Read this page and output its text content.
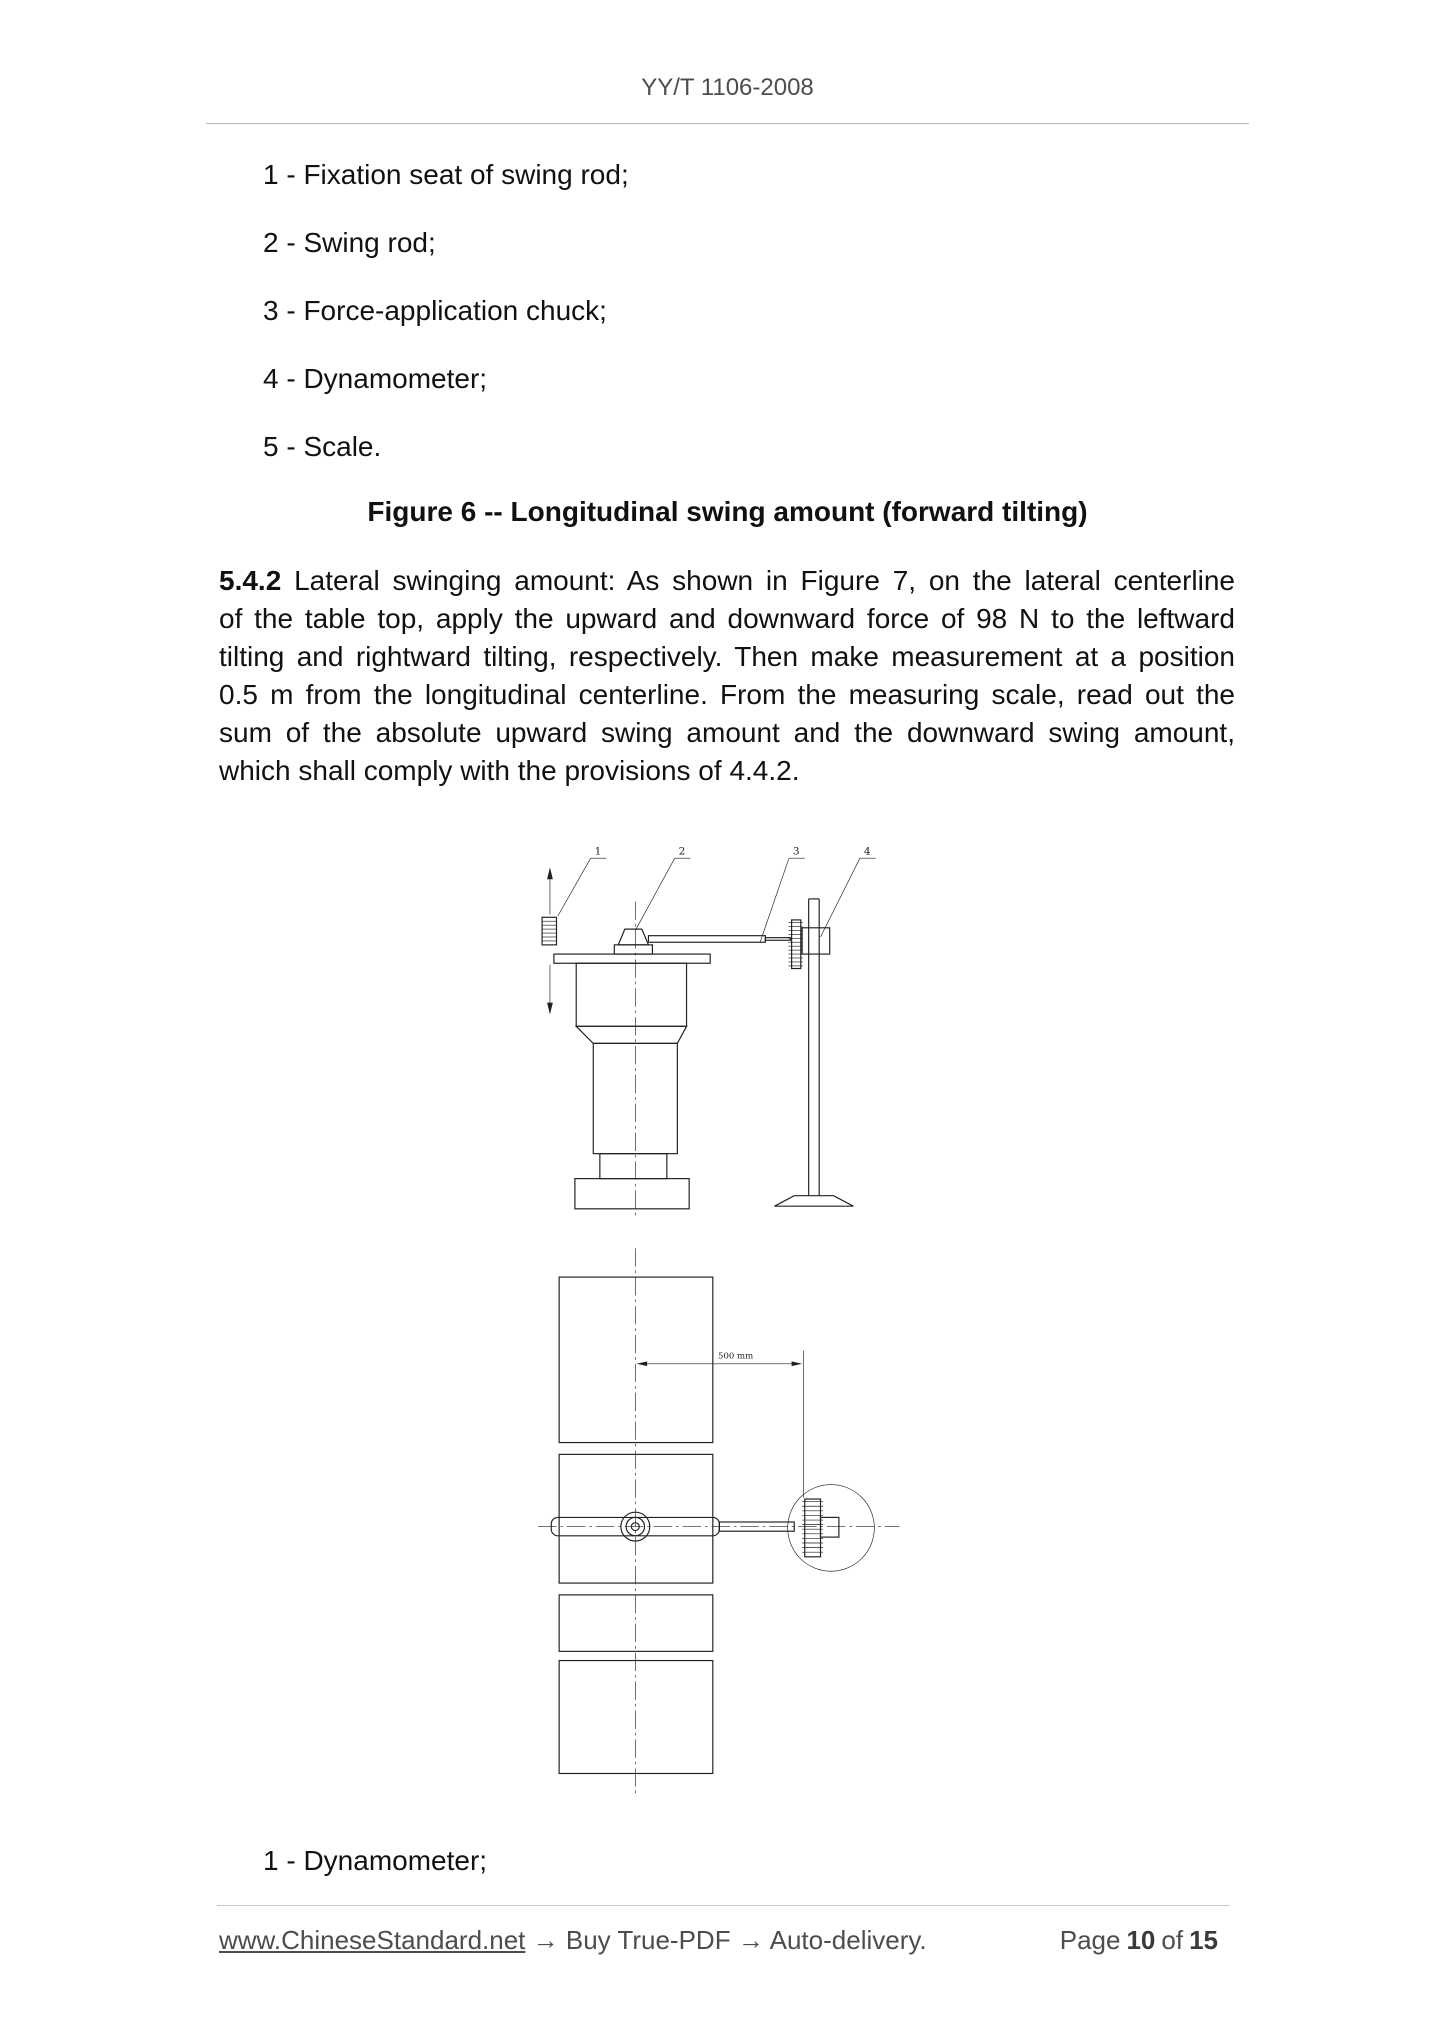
YY/T 1106-2008
1 - Fixation seat of swing rod;
2 - Swing rod;
3 - Force-application chuck;
4 - Dynamometer;
5 - Scale.
Figure 6 -- Longitudinal swing amount (forward tilting)
5.4.2 Lateral swinging amount: As shown in Figure 7, on the lateral centerline
of the table top, apply the upward and downward force of 98 N to the leftward
tilting and rightward tilting, respectively. Then make measurement at a position
0.5 m from the longitudinal centerline. From the measuring scale, read out the
sum of the absolute upward swing amount and the downward swing amount,
which shall comply with the provisions of 4.4.2.
1	2	3	4
500 mm
1 - Dynamometer;
www.ChineseStandard.net → Buy True-PDF → Auto-delivery.	Page 10 of 15
